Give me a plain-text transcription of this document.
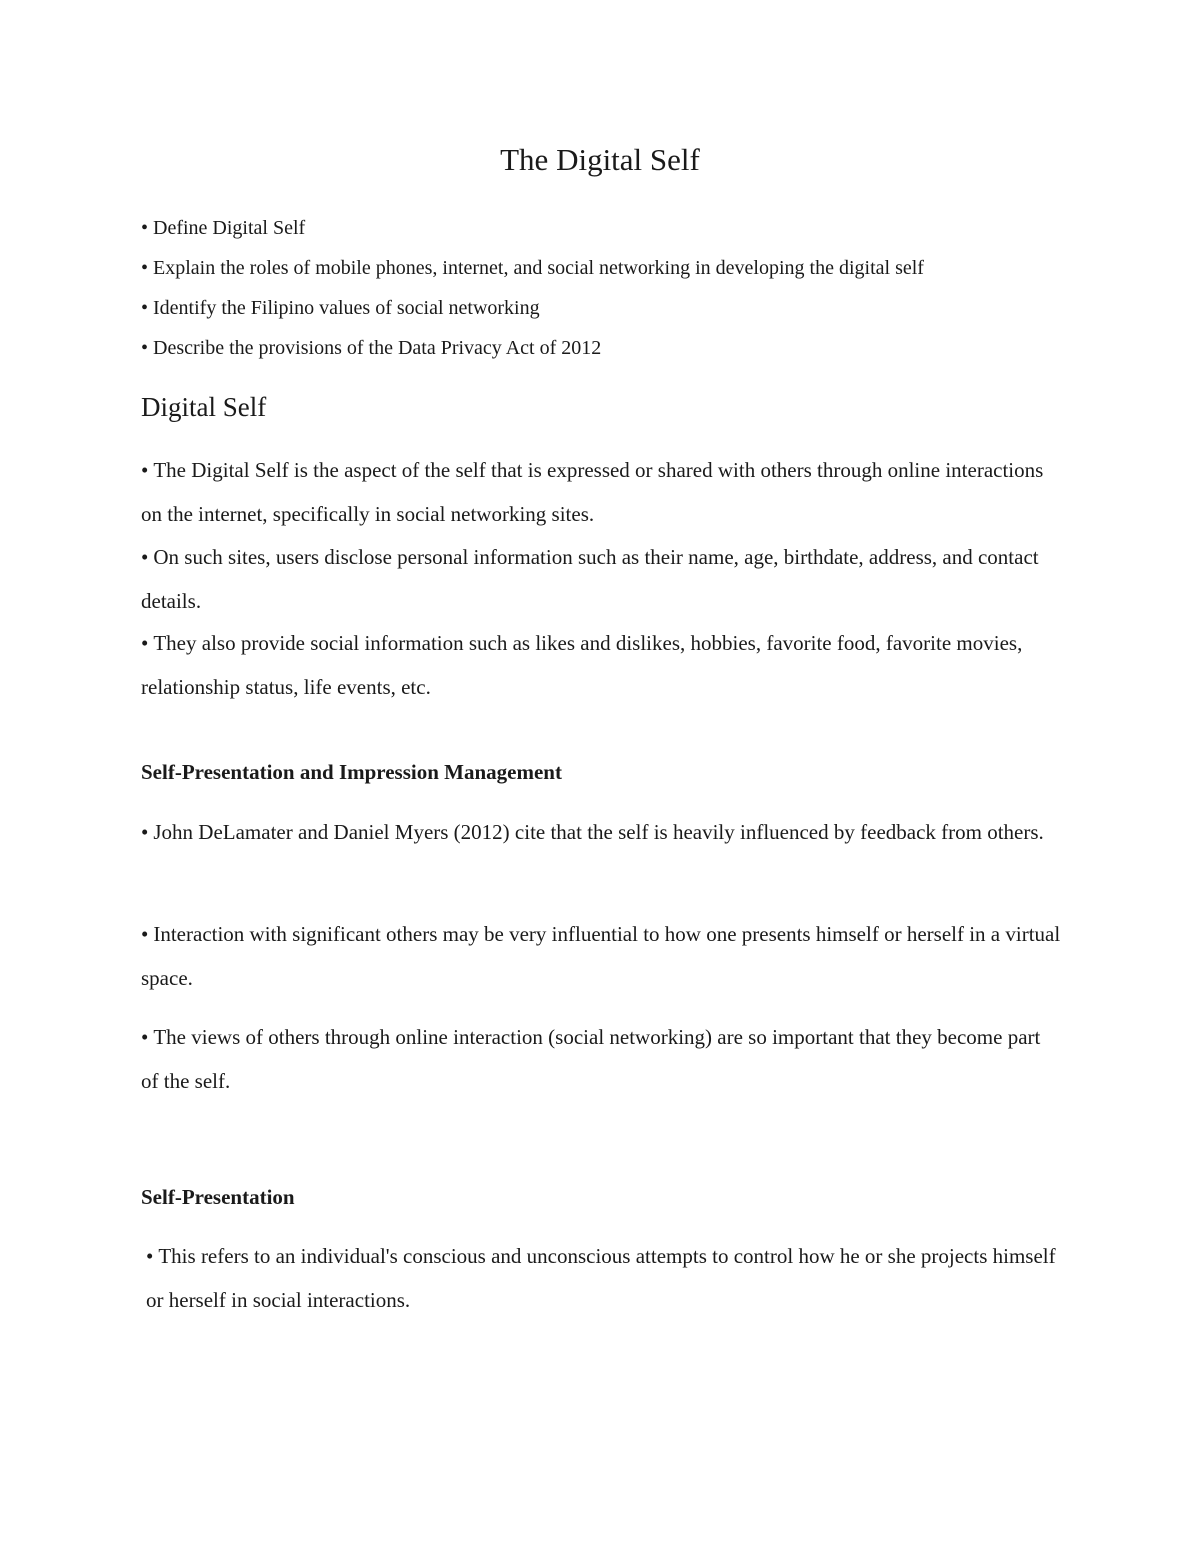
The Digital Self
• Define Digital Self
• Explain the roles of mobile phones, internet, and social networking in developing the digital self
• Identify the Filipino values of social networking
• Describe the provisions of the Data Privacy Act of 2012
Digital Self
• The Digital Self is the aspect of the self that is expressed or shared with others through online interactions on the internet, specifically in social networking sites.
• On such sites, users disclose personal information such as their name, age, birthdate, address, and contact details.
• They also provide social information such as likes and dislikes, hobbies, favorite food, favorite movies, relationship status, life events, etc.
Self-Presentation and Impression Management
• John DeLamater and Daniel Myers (2012) cite that the self is heavily influenced by feedback from others.
• Interaction with significant others may be very influential to how one presents himself or herself in a virtual space.
• The views of others through online interaction (social networking) are so important that they become part of the self.
Self-Presentation
• This refers to an individual's conscious and unconscious attempts to control how he or she projects himself or herself in social interactions.
